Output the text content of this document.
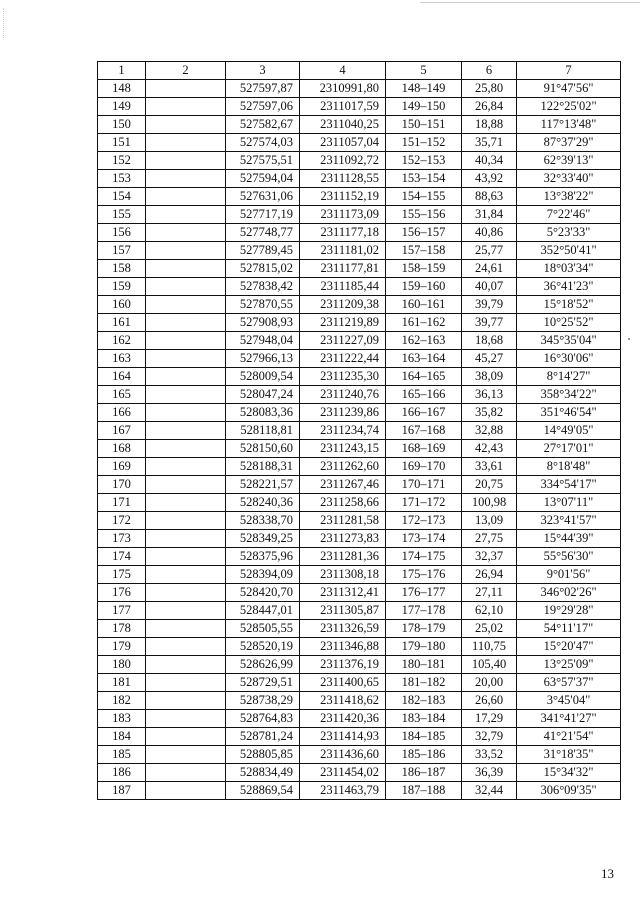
1	2	3	4	5	6	7
148		527597,87	2310991,80	148–149	25,80	91°47'56"
149		527597,06	2311017,59	149–150	26,84	122°25'02"
150		527582,67	2311040,25	150–151	18,88	117°13'48"
151		527574,03	2311057,04	151–152	35,71	87°37'29"
152		527575,51	2311092,72	152–153	40,34	62°39'13"
153		527594,04	2311128,55	153–154	43,92	32°33'40"
154		527631,06	2311152,19	154–155	88,63	13°38'22"
155		527717,19	2311173,09	155–156	31,84	7°22'46"
156		527748,77	2311177,18	156–157	40,86	5°23'33"
157		527789,45	2311181,02	157–158	25,77	352°50'41"
158		527815,02	2311177,81	158–159	24,61	18°03'34"
159		527838,42	2311185,44	159–160	40,07	36°41'23"
160		527870,55	2311209,38	160–161	39,79	15°18'52"
161		527908,93	2311219,89	161–162	39,77	10°25'52"
162		527948,04	2311227,09	162–163	18,68	345°35'04"
163		527966,13	2311222,44	163–164	45,27	16°30'06"
164		528009,54	2311235,30	164–165	38,09	8°14'27"
165		528047,24	2311240,76	165–166	36,13	358°34'22"
166		528083,36	2311239,86	166–167	35,82	351°46'54"
167		528118,81	2311234,74	167–168	32,88	14°49'05"
168		528150,60	2311243,15	168–169	42,43	27°17'01"
169		528188,31	2311262,60	169–170	33,61	8°18'48"
170		528221,57	2311267,46	170–171	20,75	334°54'17"
171		528240,36	2311258,66	171–172	100,98	13°07'11"
172		528338,70	2311281,58	172–173	13,09	323°41'57"
173		528349,25	2311273,83	173–174	27,75	15°44'39"
174		528375,96	2311281,36	174–175	32,37	55°56'30"
175		528394,09	2311308,18	175–176	26,94	9°01'56"
176		528420,70	2311312,41	176–177	27,11	346°02'26"
177		528447,01	2311305,87	177–178	62,10	19°29'28"
178		528505,55	2311326,59	178–179	25,02	54°11'17"
179		528520,19	2311346,88	179–180	110,75	15°20'47"
180		528626,99	2311376,19	180–181	105,40	13°25'09"
181		528729,51	2311400,65	181–182	20,00	63°57'37"
182		528738,29	2311418,62	182–183	26,60	3°45'04"
183		528764,83	2311420,36	183–184	17,29	341°41'27"
184		528781,24	2311414,93	184–185	32,79	41°21'54"
185		528805,85	2311436,60	185–186	33,52	31°18'35"
186		528834,49	2311454,02	186–187	36,39	15°34'32"
187		528869,54	2311463,79	187–188	32,44	306°09'35"
13
